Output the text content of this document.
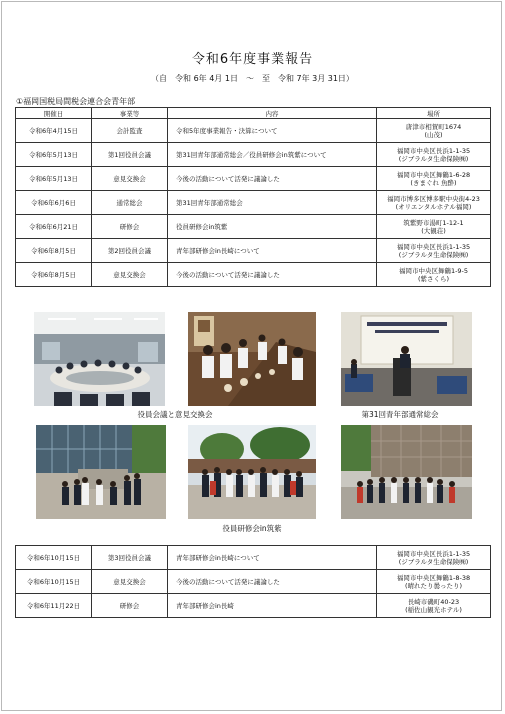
令和6年度事業報告
（自　令和 6年 4月 1日　～　至　令和 7年 3月 31日）
①福岡国税局間税会連合会青年部
開催日	事業等	内容	場所
令和6年4月15日	会計監査	令和5年度事業報告・決算について	唐津市相賀町1674
(山茂)

令和6年5月13日	第1回役員会議	第31回青年部通常総会／役員研修会in筑紫について	福岡市中央区長浜1-1-35
(ジブラルタ生命保険㈱)

令和6年5月13日	意見交換会	今後の活動について活発に議論した	福岡市中央区舞鶴1-6-28
(きまぐれ 魚酔)

令和6年6月6日	通常総会	第31回青年部通常総会	福岡市博多区博多駅中央街4-23
(オリエンタルホテル福岡)

令和6年6月21日	研修会	役員研修会in筑紫	筑紫野市湯町1-12-1
(大観荘)

令和6年8月5日	第2回役員会議	青年部研修会in長崎について	福岡市中央区長浜1-1-35
(ジブラルタ生命保険㈱)

令和6年8月5日	意見交換会	今後の活動について活発に議論した	福岡市中央区舞鶴1-9-5
(紫さくら)
役員会議と意見交換会	第31回青年部通常総会
役員研修会in筑紫
令和6年10月15日	第3回役員会議	青年部研修会in長崎について	福岡市中央区長浜1-1-35
(ジブラルタ生命保険㈱)

令和6年10月15日	意見交換会	今後の活動について活発に議論した	福岡市中央区舞鶴1-8-38
(晴れたり曇ったり)

令和6年11月22日	研修会	青年部研修会in長崎	長崎市磯町40-23
(稲佐山観光ホテル)
